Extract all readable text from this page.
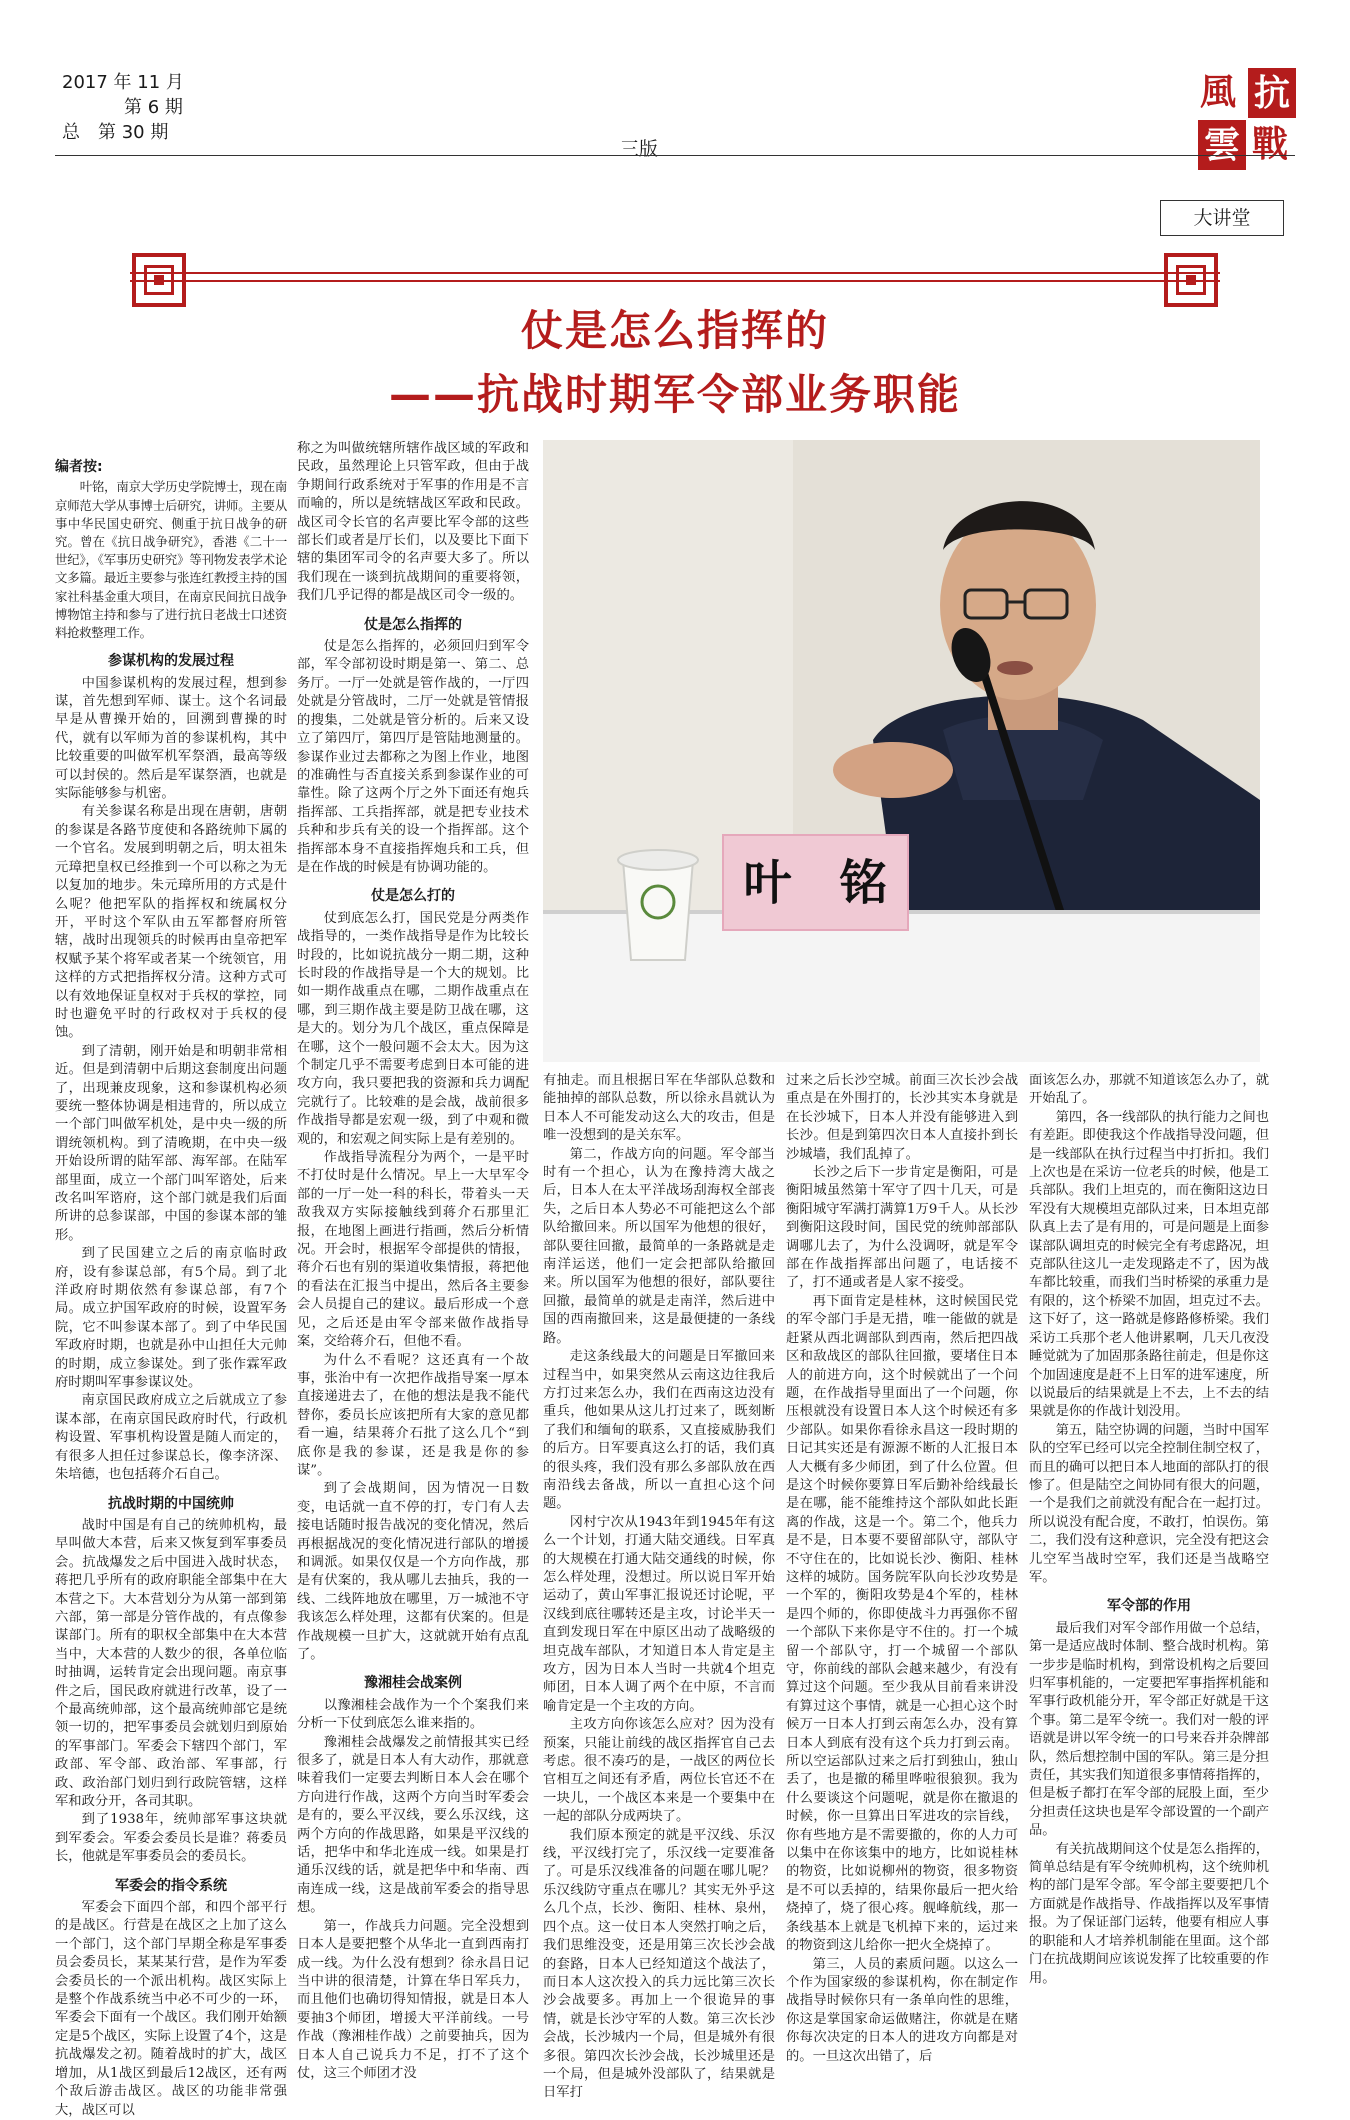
2017 年 11 月
第 6 期
总　第 30 期
三版
風 抗
雲 戰
大讲堂
仗是怎么指挥的
——抗战时期军令部业务职能
叶　铭
编者按:
叶铭，南京大学历史学院博士，现在南京师范大学从事博士后研究，讲师。主要从事中华民国史研究、侧重于抗日战争的研究。曾在《抗日战争研究》，香港《二十一世纪》，《军事历史研究》等刊物发表学术论文多篇。最近主要参与张连红教授主持的国家社科基金重大项目，在南京民间抗日战争博物馆主持和参与了进行抗日老战士口述资料抢救整理工作。
参谋机构的发展过程

中国参谋机构的发展过程，想到参谋，首先想到军师、谋士。这个名词最早是从曹操开始的，回溯到曹操的时代，就有以军师为首的参谋机构，其中比较重要的叫做军机军祭酒，最高等级可以封侯的。然后是军谋祭酒，也就是实际能够参与机密。

有关参谋名称是出现在唐朝，唐朝的参谋是各路节度使和各路统帅下属的一个官名。发展到明朝之后，明太祖朱元璋把皇权已经推到一个可以称之为无以复加的地步。朱元璋所用的方式是什么呢？他把军队的指挥权和统属权分开，平时这个军队由五军都督府所管辖，战时出现领兵的时候再由皇帝把军权赋予某个将军或者某一个统领官，用这样的方式把指挥权分清。这种方式可以有效地保证皇权对于兵权的掌控，同时也避免平时的行政权对于兵权的侵蚀。

到了清朝，刚开始是和明朝非常相近。但是到清朝中后期这套制度出问题了，出现兼皮现象，这和参谋机构必须要统一整体协调是相违背的，所以成立一个部门叫做军机处，是中央一级的所谓统领机构。到了清晚期，在中央一级开始设所谓的陆军部、海军部。在陆军部里面，成立一个部门叫军谘处，后来改名叫军谘府，这个部门就是我们后面所讲的总参谋部，中国的参谋本部的雏形。

到了民国建立之后的南京临时政府，设有参谋总部，有5个局。到了北洋政府时期依然有参谋总部，有7个局。成立护国军政府的时候，设置军务院，它不叫参谋本部了。到了中华民国军政府时期，也就是孙中山担任大元帅的时期，成立参谋处。到了张作霖军政府时期叫军事参谋议处。

南京国民政府成立之后就成立了参谋本部，在南京国民政府时代，行政机构设置、军事机构设置是随人而定的，有很多人担任过参谋总长，像李济深、朱培德，也包括蒋介石自己。

抗战时期的中国统帅

战时中国是有自己的统帅机构，最早叫做大本营，后来又恢复到军事委员会。抗战爆发之后中国进入战时状态，蒋把几乎所有的政府职能全部集中在大本营之下。大本营划分为从第一部到第六部，第一部是分管作战的，有点像参谋部门。所有的职权全部集中在大本营当中，大本营的人数少的很，各单位临时抽调，运转肯定会出现问题。南京事件之后，国民政府就进行改革，设了一个最高统帅部，这个最高统帅部它是统领一切的，把军事委员会就划归到原始的军事部门。军委会下辖四个部门，军政部、军令部、政治部、军事部，行政、政治部门划归到行政院管辖，这样军和政分开，各司其职。

到了1938年，统帅部军事这块就到军委会。军委会委员长是谁？蒋委员长，他就是军事委员会的委员长。

军委会的指令系统

军委会下面四个部，和四个部平行的是战区。行营是在战区之上加了这么一个部门，这个部门早期全称是军事委员会委员长，某某某行营，是作为军委会委员长的一个派出机构。战区实际上是整个作战系统当中必不可少的一环，军委会下面有一个战区。我们刚开始额定是5个战区，实际上设置了4个，这是抗战爆发之初。随着战时的扩大，战区增加，从1战区到最后12战区，还有两个敌后游击战区。战区的功能非常强大，战区可以

称之为叫做统辖所辖作战区域的军政和民政，虽然理论上只管军政，但由于战争期间行政系统对于军事的作用是不言而喻的，所以是统辖战区军政和民政。战区司令长官的名声要比军令部的这些部长们或者是厅长们，以及要比下面下辖的集团军司令的名声要大多了。所以我们现在一谈到抗战期间的重要将领，我们几乎记得的都是战区司令一级的。

仗是怎么指挥的

仗是怎么指挥的，必须回归到军令部，军令部初设时期是第一、第二、总务厅。一厅一处就是管作战的，一厅四处就是分管战时，二厅一处就是管情报的搜集，二处就是管分析的。后来又设立了第四厅，第四厅是管陆地测量的。参谋作业过去都称之为图上作业，地图的准确性与否直接关系到参谋作业的可靠性。除了这两个厅之外下面还有炮兵指挥部、工兵指挥部，就是把专业技术兵种和步兵有关的设一个指挥部。这个指挥部本身不直接指挥炮兵和工兵，但是在作战的时候是有协调功能的。

仗是怎么打的

仗到底怎么打，国民党是分两类作战指导的，一类作战指导是作为比较长时段的，比如说抗战分一期二期，这种长时段的作战指导是一个大的规划。比如一期作战重点在哪，二期作战重点在哪，到三期作战主要是防卫战在哪，这是大的。划分为几个战区，重点保障是在哪，这个一般问题不会太大。因为这个制定几乎不需要考虑到日本可能的进攻方向，我只要把我的资源和兵力调配完就行了。比较难的是会战，战前很多作战指导都是宏观一级，到了中观和微观的，和宏观之间实际上是有差别的。

作战指导流程分为两个，一是平时不打仗时是什么情况。早上一大早军令部的一厅一处一科的科长，带着头一天敌我双方实际接触线到蒋介石那里汇报，在地图上画进行指画，然后分析情况。开会时，根据军令部提供的情报，蒋介石也有别的渠道收集情报，蒋把他的看法在汇报当中提出，然后各主要参会人员提自己的建议。最后形成一个意见，之后还是由军令部来做作战指导案，交给蒋介石，但他不看。

为什么不看呢？这还真有一个故事，张治中有一次把作战指导案一厚本直接递进去了，在他的想法是我不能代替你，委员长应该把所有大家的意见都看一遍，结果蒋介石批了这么几个“到底你是我的参谋，还是我是你的参谋”。

到了会战期间，因为情况一日数变，电话就一直不停的打，专门有人去接电话随时报告战况的变化情况，然后再根据战况的变化情况进行部队的增援和调派。如果仅仅是一个方向作战，那是有伏案的，我从哪儿去抽兵，我的一线、二线阵地放在哪里，万一城池不守我该怎么样处理，这都有伏案的。但是作战规模一旦扩大，这就就开始有点乱了。

豫湘桂会战案例

以豫湘桂会战作为一个个案我们来分析一下仗到底怎么谁来指的。

豫湘桂会战爆发之前情报其实已经很多了，就是日本人有大动作，那就意味着我们一定要去判断日本人会在哪个方向进行作战，这两个方向当时军委会是有的，要么平汉线，要么乐汉线，这两个方向的作战思路，如果是平汉线的话，把华中和华北连成一线。如果是打通乐汉线的话，就是把华中和华南、西南连成一线，这是战前军委会的指导思想。

第一，作战兵力问题。完全没想到日本人是要把整个从华北一直到西南打成一线。为什么没有想到？徐永昌日记当中讲的很清楚，计算在华日军兵力，而且他们也确切得知情报，就是日本人要抽3个师团，增援大平洋前线。一号作战（豫湘桂作战）之前要抽兵，因为日本人自己说兵力不足，打不了这个仗，这三个师团才没

有抽走。而且根据日军在华部队总数和能抽掉的部队总数，所以徐永昌就认为日本人不可能发动这么大的攻击，但是唯一没想到的是关东军。

第二，作战方向的问题。军令部当时有一个担心，认为在豫持湾大战之后，日本人在太平洋战场刮海权全部丧失，之后日本人势必不可能把这么个部队给撤回来。所以国军为他想的很好，部队要往回撤，最简单的一条路就是走南洋运送，他们一定会把部队给撤回来。所以国军为他想的很好，部队要往回撤，最简单的就是走南洋，然后进中国的西南撤回来，这是最便捷的一条线路。

走这条线最大的问题是日军撤回来过程当中，如果突然从云南这边往我后方打过来怎么办，我们在西南这边没有重兵，他如果从这儿打过来了，既刻断了我们和缅甸的联系，又直接威胁我们的后方。日军要真这么打的话，我们真的很头疼，我们没有那么多部队放在西南沿线去备战，所以一直担心这个问题。

冈村宁次从1943年到1945年有这么一个计划，打通大陆交通线。日军真的大规模在打通大陆交通线的时候，你怎么样处理，没想过。所以说日军开始运动了，黄山军事汇报说还讨论呢，平汉线到底往哪转还是主攻，讨论半天一直到发现日军在中原区出动了战略级的坦克战车部队，才知道日本人肯定是主攻方，因为日本人当时一共就4个坦克师团，日本人调了两个在中原，不言而喻肯定是一个主攻的方向。

主攻方向你该怎么应对？因为没有预案，只能让前线的战区指挥官自己去考虑。很不凑巧的是，一战区的两位长官相互之间还有矛盾，两位长官还不在一块儿，一个战区本来是一个要集中在一起的部队分成两块了。

我们原本预定的就是平汉线、乐汉线，平汉线打完了，乐汉线一定要准备了。可是乐汉线准备的问题在哪儿呢？乐汉线防守重点在哪儿？其实无外乎这么几个点，长沙、衡阳、桂林、泉州，四个点。这一仗日本人突然打响之后，我们思维没变，还是用第三次长沙会战的套路，日本人已经知道这个战法了，而日本人这次投入的兵力远比第三次长沙会战要多。再加上一个很诡异的事情，就是长沙守军的人数。第三次长沙会战，长沙城内一个局，但是城外有很多很。第四次长沙会战，长沙城里还是一个局，但是城外没部队了，结果就是日军打

过来之后长沙空城。前面三次长沙会战重点是在外围打的，长沙其实本身就是在长沙城下，日本人并没有能够进入到长沙。但是到第四次日本人直接扑到长沙城墙，我们乱掉了。

长沙之后下一步肯定是衡阳，可是衡阳城虽然第十军守了四十几天，可是衡阳城守军满打满算1万9千人。从长沙到衡阳这段时间，国民党的统帅部部队调哪儿去了，为什么没调呀，就是军令部在作战指挥部出问题了，电话接不了，打不通或者是人家不接受。

再下面肯定是桂林，这时候国民党的军令部门手是无措，唯一能做的就是赶紧从西北调部队到西南，然后把四战区和敌战区的部队往回撤，要堵住日本人的前进方向，这个时候就出了一个问题，在作战指导里面出了一个问题，你压根就没有设置日本人这个时候还有多少部队。如果你看徐永昌这一段时期的日记其实还是有源源不断的人汇报日本人大概有多少师团，到了什么位置。但是这个时候你要算日军后勤补给线最长是在哪，能不能维持这个部队如此长距离的作战，这是一个。第二个，他兵力是不是，日本要不要留部队守，部队守不守住在的，比如说长沙、衡阳、桂林这样的城防。国务院军队向长沙攻势是一个军的，衡阳攻势是4个军的，桂林是四个师的，你即使战斗力再强你不留一个部队下来你是守不住的。打一个城留一个部队守，打一个城留一个部队守，你前线的部队会越来越少，有没有算过这个问题。至少我从目前看来讲没有算过这个事情，就是一心担心这个时候万一日本人打到云南怎么办，没有算日本人到底有没有这个兵力打到云南。所以空运部队过来之后打到独山，独山丢了，也是撤的稀里哗啦很狼狈。我为什么要谈这个问题呢，就是你在撤退的时候，你一旦算出日军进攻的宗旨线，你有些地方是不需要撤的，你的人力可以集中在你该集中的地方，比如说桂林的物资，比如说柳州的物资，很多物资是不可以丢掉的，结果你最后一把火给烧掉了，烧了很心疼。舰峰航线，那一条线基本上就是飞机掉下来的，运过来的物资到这儿给你一把火全烧掉了。

第三，人员的素质问题。以这么一个作为国家级的参谋机构，你在制定作战指导时候你只有一条单向性的思维，你这是掌国家命运做赌注，你就是在赌你每次决定的日本人的进攻方向都是对的。一旦这次出错了，后

面该怎么办，那就不知道该怎么办了，就开始乱了。

第四，各一线部队的执行能力之间也有差距。即使我这个作战指导没问题，但是一线部队在执行过程当中打折扣。我们上次也是在采访一位老兵的时候，他是工兵部队。我们上坦克的，而在衡阳这边日军没有大规模坦克部队过来，日本坦克部队真上去了是有用的，可是问题是上面参谋部队调坦克的时候完全有考虑路况，坦克部队往这儿一走发现路走不了，因为战车都比较重，而我们当时桥梁的承重力是有限的，这个桥梁不加固，坦克过不去。这下好了，这一路就是修路修桥梁。我们采访工兵那个老人他讲累啊，几天几夜没睡觉就为了加固那条路往前走，但是你这个加固速度是赶不上日军的进军速度，所以说最后的结果就是上不去，上不去的结果就是你的作战计划没用。

第五，陆空协调的问题，当时中国军队的空军已经可以完全控制住制空权了，而且的确可以把日本人地面的部队打的很惨了。但是陆空之间协同有很大的问题，一个是我们之前就没有配合在一起打过。所以说没有配合度，不敢打，怕误伤。第二，我们没有这种意识，完全没有把这会儿空军当战时空军，我们还是当战略空军。

军令部的作用

最后我们对军令部作用做一个总结，第一是适应战时体制、整合战时机构。第一步步是临时机构，到常设机构之后要回归军事机能的，一定要把军事指挥机能和军事行政机能分开，军令部正好就是干这个事。第二是军令统一。我们对一般的评语就是讲以军令统一的口号来吞并杂牌部队，然后想控制中国的军队。第三是分担责任，其实我们知道很多事情蒋指挥的，但是板子都打在军令部的屁股上面，至少分担责任这块也是军令部设置的一个副产品。

有关抗战期间这个仗是怎么指挥的，简单总结是有军令统帅机构，这个统帅机构的部门是军令部。军令部主要要把几个方面就是作战指导、作战指挥以及军事情报。为了保证部门运转，他要有相应人事的职能和人才培养机制能在里面。这个部门在抗战期间应该说发挥了比较重要的作用。
